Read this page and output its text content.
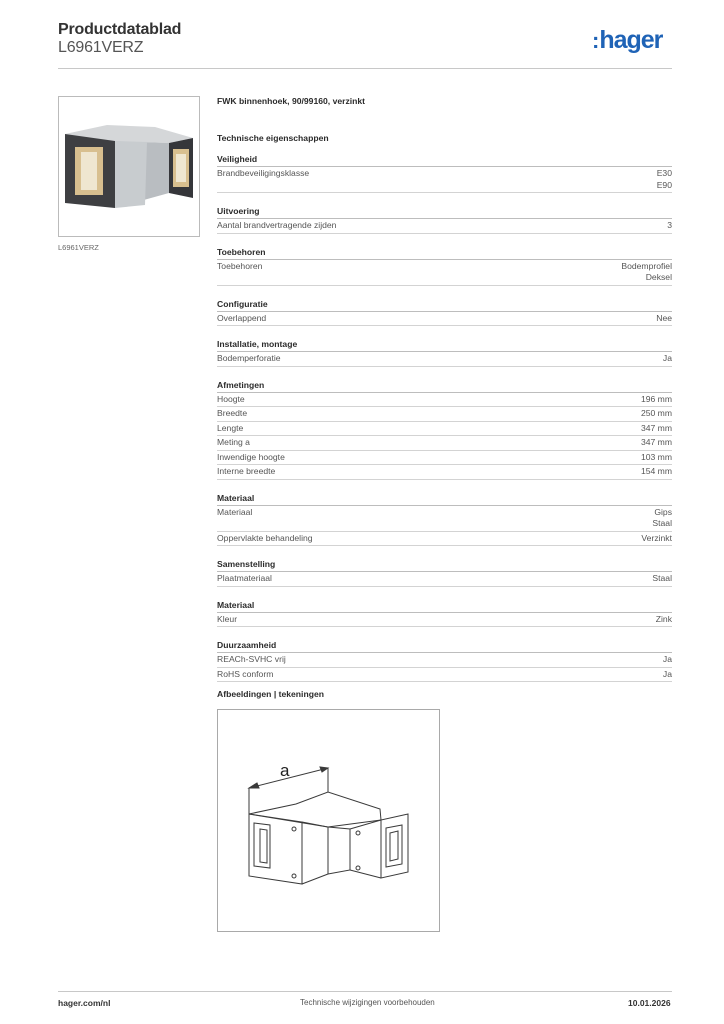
Productdatablad
L6961VERZ	:hager
L6961VERZ
FWK binnenhoek, 90/99160, verzinkt
Technische eigenschappen
Veiligheid
Brandbeveiligingsklasse	E30
E90
Uitvoering
Aantal brandvertragende zijden	3
Toebehoren
Toebehoren	Bodemprofiel
Deksel
Configuratie
Overlappend	Nee
Installatie, montage
Bodemperforatie	Ja
Afmetingen
Hoogte	196 mm
Breedte	250 mm
Lengte	347 mm
Meting a	347 mm
Inwendige hoogte	103 mm
Interne breedte	154 mm
Materiaal
Materiaal	Gips
Staal
Oppervlakte behandeling	Verzinkt
Samenstelling
Plaatmateriaal	Staal
Materiaal
Kleur	Zink
Duurzaamheid
REACh-SVHC vrij	Ja
RoHS conform	Ja
Afbeeldingen | tekeningen
a
hager.com/nl	Technische wijzigingen voorbehouden	10.01.2026
